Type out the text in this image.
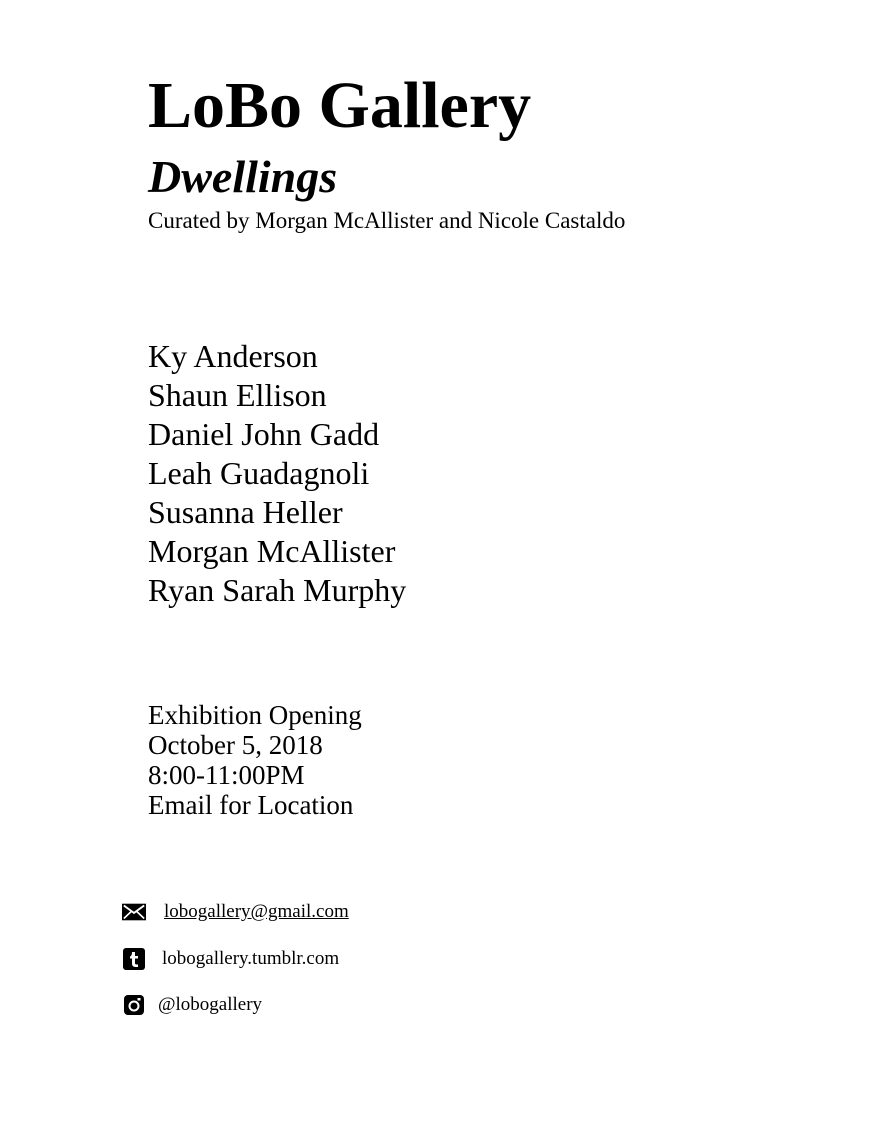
LoBo Gallery
Dwellings

Curated by Morgan McAllister and Nicole Castaldo

Ky Anderson
Shaun Ellison
Daniel John Gadd
Leah Guadagnoli
Susanna Heller
Morgan McAllister
Ryan Sarah Murphy
Exhibition Opening
October 5, 2018
8:00-11:00PM
Email for Location
lobogallery@gmail.com
lobogallery.tumblr.com
@lobogallery
